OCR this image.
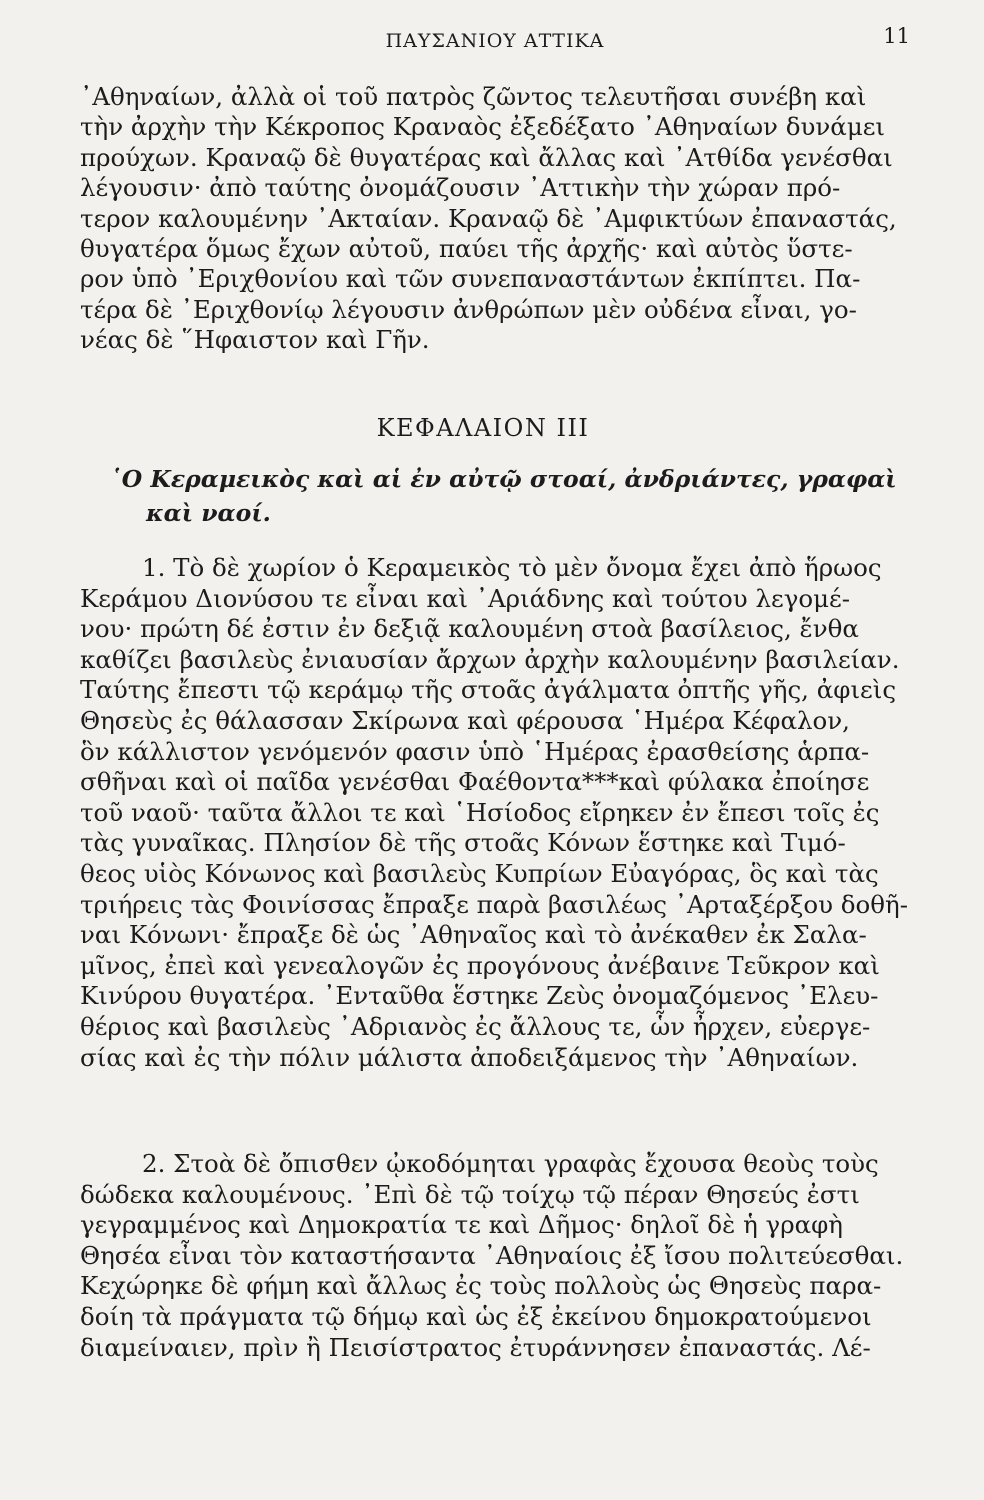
ΠΑΥΣΑΝΙΟΥ ΑΤΤΙΚΑ	11
᾿Αθηναίων, ἀλλὰ οἱ τοῦ πατρὸς ζῶντος τελευτῆσαι συνέβη καὶ
τὴν ἀρχὴν τὴν Κέκροπος Κραναὸς ἐξεδέξατο ᾿Αθηναίων δυνάμει
προύχων. Κραναῷ δὲ θυγατέρας καὶ ἄλλας καὶ ᾿Ατθίδα γενέσθαι
λέγουσιν· ἀπὸ ταύτης ὀνομάζουσιν ᾿Αττικὴν τὴν χώραν πρό-
τερον καλουμένην ᾿Ακταίαν. Κραναῷ δὲ ᾿Αμφικτύων ἐπαναστάς,
θυγατέρα ὅμως ἔχων αὐτοῦ, παύει τῆς ἀρχῆς· καὶ αὐτὸς ὕστε-
ρον ὑπὸ ᾿Εριχθονίου καὶ τῶν συνεπαναστάντων ἐκπίπτει. Πα-
τέρα δὲ ᾿Εριχθονίῳ λέγουσιν ἀνθρώπων μὲν οὐδένα εἶναι, γο-
νέας δὲ ῞Ηφαιστον καὶ Γῆν.
ΚΕΦΑΛΑΙΟΝ III
῾Ο Κεραμεικὸς καὶ αἱ ἐν αὐτῷ στοαί, ἀνδριάντες, γραφαὶ
καὶ ναοί.
1. Τὸ δὲ χωρίον ὁ Κεραμεικὸς τὸ μὲν ὄνομα ἔχει ἀπὸ ἥρωος
Κεράμου Διονύσου τε εἶναι καὶ ᾿Αριάδνης καὶ τούτου λεγομέ-
νου· πρώτη δέ ἐστιν ἐν δεξιᾷ καλουμένη στοὰ βασίλειος, ἔνθα
καθίζει βασιλεὺς ἐνιαυσίαν ἄρχων ἀρχὴν καλουμένην βασιλείαν.
Ταύτης ἔπεστι τῷ κεράμῳ τῆς στοᾶς ἀγάλματα ὀπτῆς γῆς, ἀφιεὶς
Θησεὺς ἐς θάλασσαν Σκίρωνα καὶ φέρουσα ῾Ημέρα Κέφαλον,
ὃν κάλλιστον γενόμενόν φασιν ὑπὸ ῾Ημέρας ἐρασθείσης ἁρπα-
σθῆναι καὶ οἱ παῖδα γενέσθαι Φαέθοντα***καὶ φύλακα ἐποίησε
τοῦ ναοῦ· ταῦτα ἄλλοι τε καὶ ῾Ησίοδος εἴρηκεν ἐν ἔπεσι τοῖς ἐς
τὰς γυναῖκας. Πλησίον δὲ τῆς στοᾶς Κόνων ἕστηκε καὶ Τιμό-
θεος υἱὸς Κόνωνος καὶ βασιλεὺς Κυπρίων Εὐαγόρας, ὃς καὶ τὰς
τριήρεις τὰς Φοινίσσας ἔπραξε παρὰ βασιλέως ᾿Αρταξέρξου δοθῆ-
ναι Κόνωνι· ἔπραξε δὲ ὡς ᾿Αθηναῖος καὶ τὸ ἀνέκαθεν ἐκ Σαλα-
μῖνος, ἐπεὶ καὶ γενεαλογῶν ἐς προγόνους ἀνέβαινε Τεῦκρον καὶ
Κινύρου θυγατέρα. ᾿Ενταῦθα ἕστηκε Ζεὺς ὀνομαζόμενος ᾿Ελευ-
θέριος καὶ βασιλεὺς ᾿Αδριανὸς ἐς ἄλλους τε, ὧν ἦρχεν, εὐεργε-
σίας καὶ ἐς τὴν πόλιν μάλιστα ἀποδειξάμενος τὴν ᾿Αθηναίων.
2. Στοὰ δὲ ὄπισθεν ᾠκοδόμηται γραφὰς ἔχουσα θεοὺς τοὺς
δώδεκα καλουμένους. ᾿Επὶ δὲ τῷ τοίχῳ τῷ πέραν Θησεύς ἐστι
γεγραμμένος καὶ Δημοκρατία τε καὶ Δῆμος· δηλοῖ δὲ ἡ γραφὴ
Θησέα εἶναι τὸν καταστήσαντα ᾿Αθηναίοις ἐξ ἴσου πολιτεύεσθαι.
Κεχώρηκε δὲ φήμη καὶ ἄλλως ἐς τοὺς πολλοὺς ὡς Θησεὺς παρα-
δοίη τὰ πράγματα τῷ δήμῳ καὶ ὡς ἐξ ἐκείνου δημοκρατούμενοι
διαμείναιεν, πρὶν ἢ Πεισίστρατος ἐτυράννησεν ἐπαναστάς. Λέ-
